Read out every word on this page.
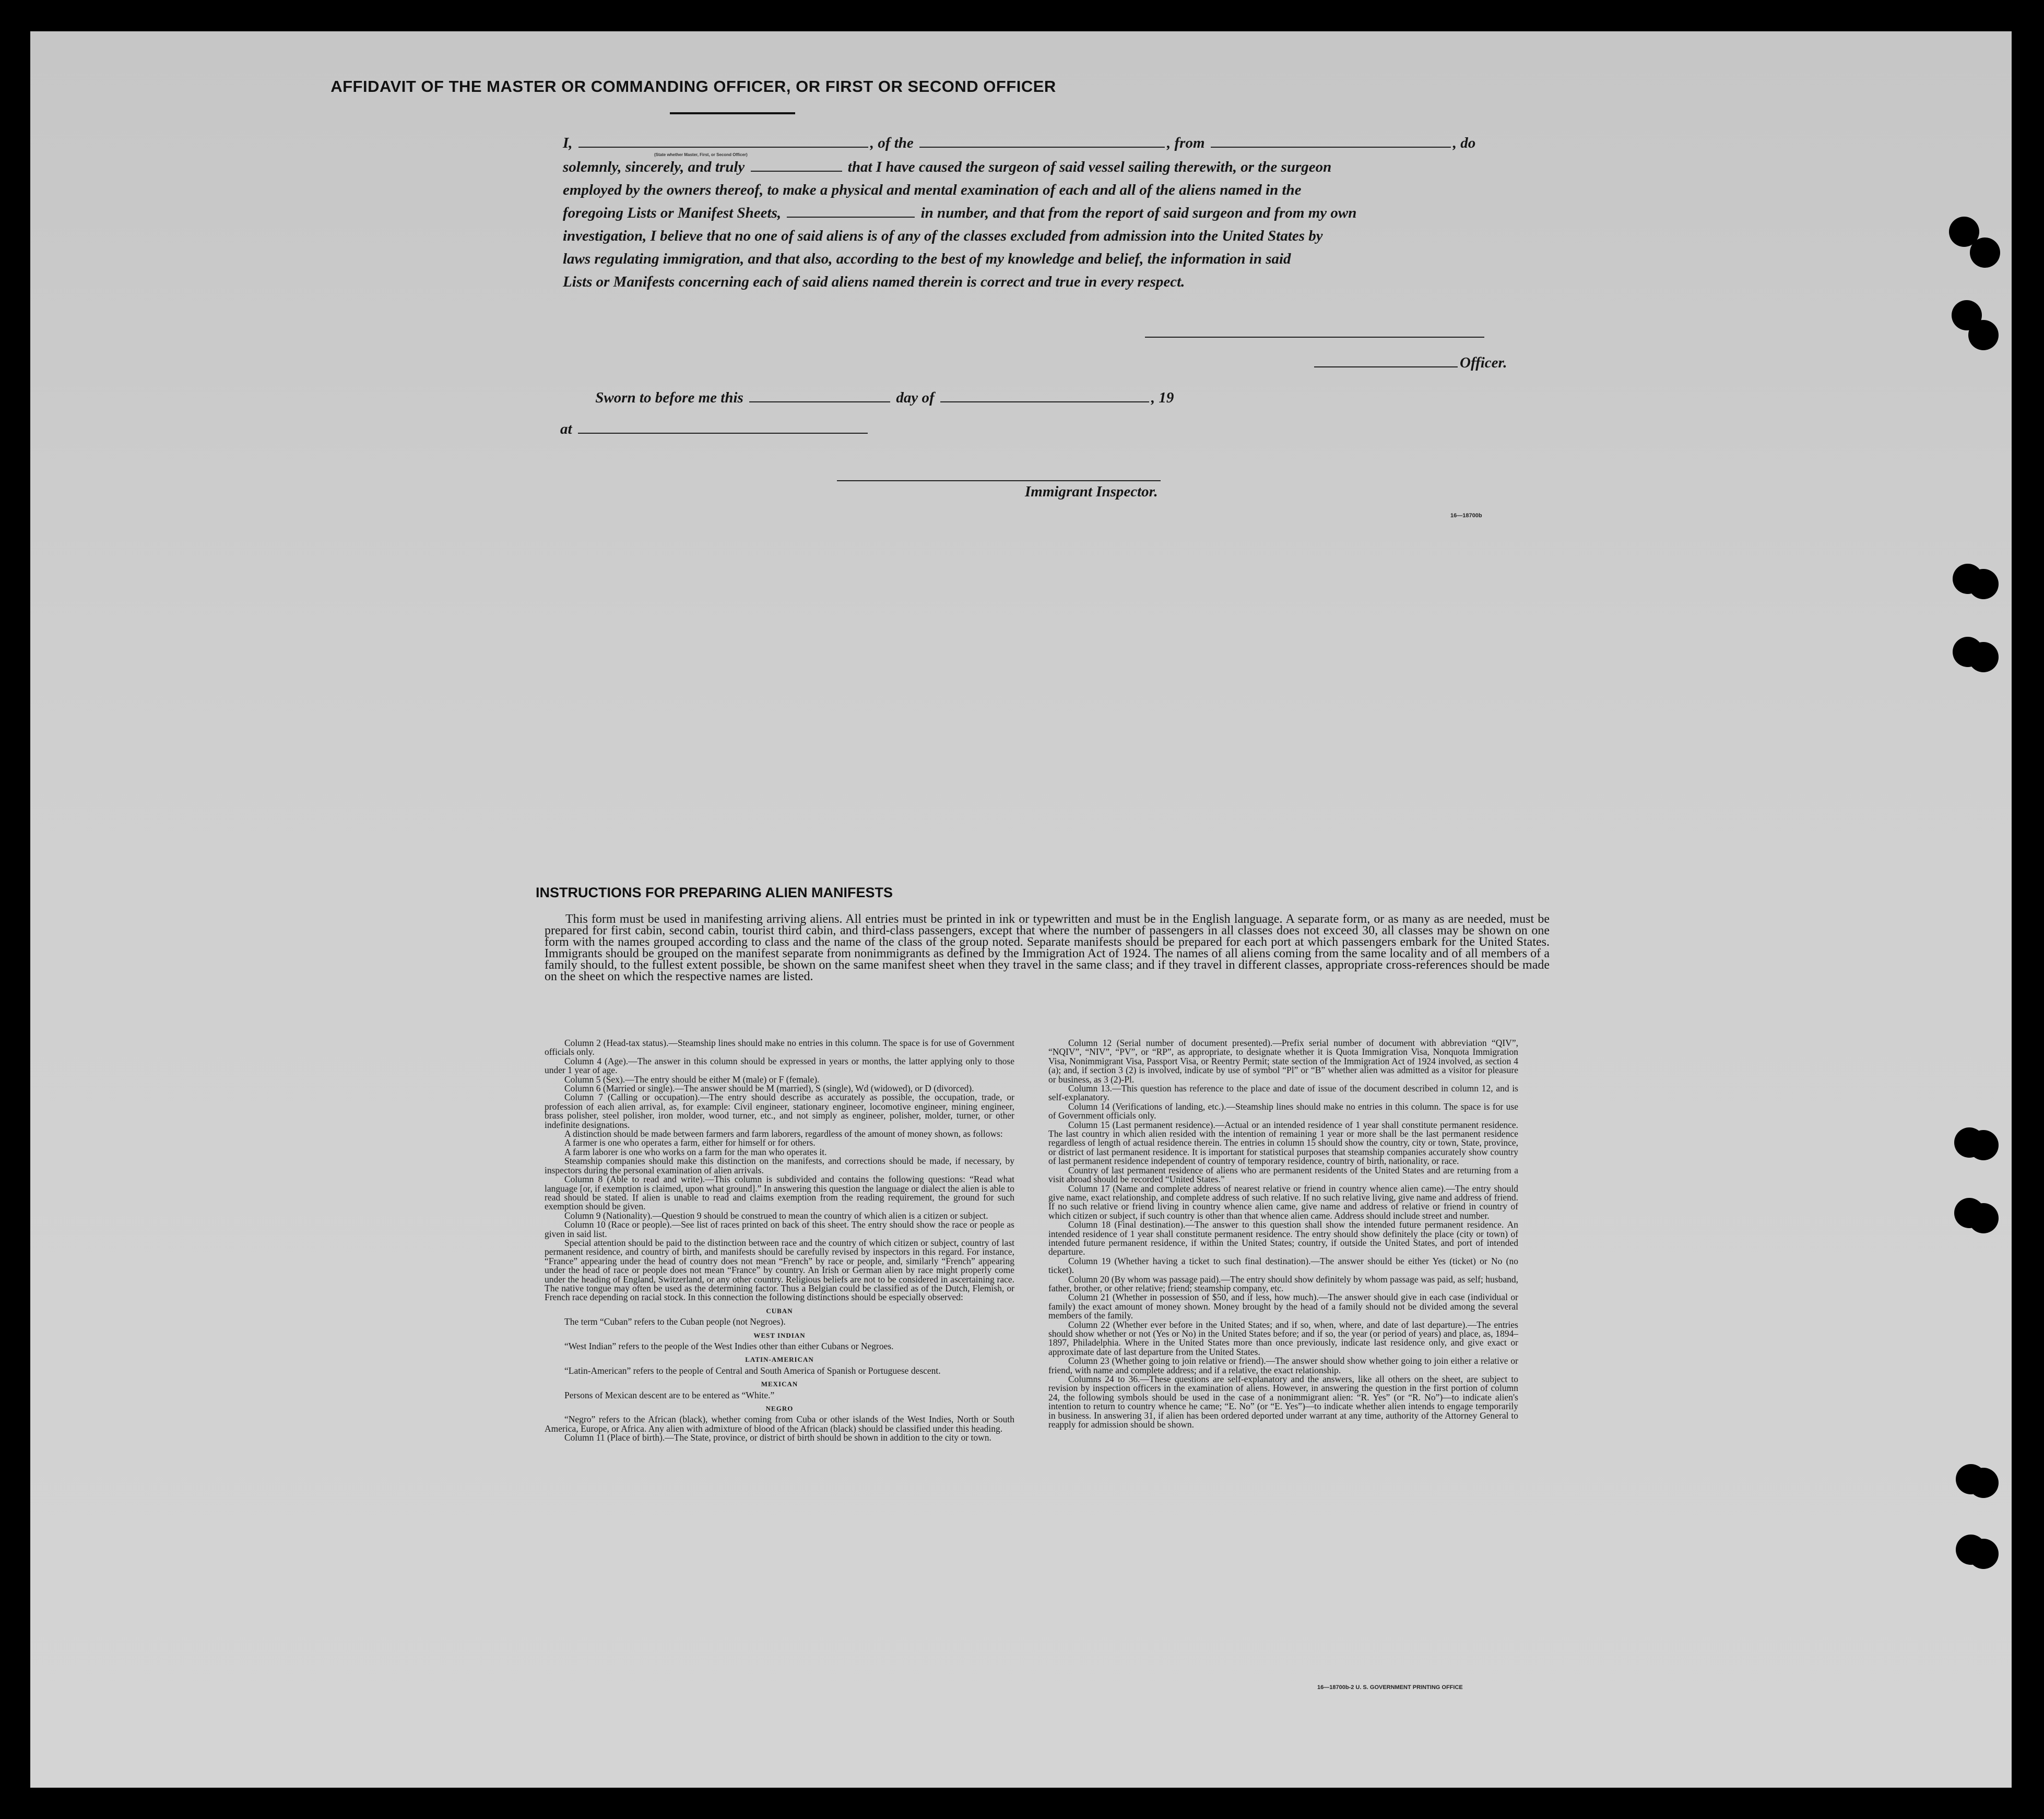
AFFIDAVIT OF THE MASTER OR COMMANDING OFFICER, OR FIRST OR SECOND OFFICER
I,	, of the	, from	, do
(State whether Master, First, or Second Officer)
solemnly, sincerely, and truly	that I have caused the surgeon of said vessel sailing therewith, or the surgeon
employed by the owners thereof, to make a physical and mental examination of each and all of the aliens named in the
foregoing Lists or Manifest Sheets,	in number, and that from the report of said surgeon and from my own
investigation, I believe that no one of said aliens is of any of the classes excluded from admission into the United States by
laws regulating immigration, and that also, according to the best of my knowledge and belief, the information in said
Lists or Manifests concerning each of said aliens named therein is correct and true in every respect.
Officer.
Sworn to before me this	day of	, 19
at
Immigrant Inspector.
16—18700b
INSTRUCTIONS FOR PREPARING ALIEN MANIFESTS
This form must be used in manifesting arriving aliens. All entries must be printed in ink or typewritten and must be in the English language. A separate form, or as many as are needed, must be prepared for first cabin, second cabin, tourist third cabin, and third-class passengers, except that where the number of passengers in all classes does not exceed 30, all classes may be shown on one form with the names grouped according to class and the name of the class of the group noted. Separate manifests should be prepared for each port at which passengers embark for the United States. Immigrants should be grouped on the manifest separate from nonimmigrants as defined by the Immigration Act of 1924. The names of all aliens coming from the same locality and of all members of a family should, to the fullest extent possible, be shown on the same manifest sheet when they travel in the same class; and if they travel in different classes, appropriate cross-references should be made on the sheet on which the respective names are listed.

Column 2 (Head-tax status).—Steamship lines should make no entries in this column. The space is for use of Government officials only.

Column 4 (Age).—The answer in this column should be expressed in years or months, the latter applying only to those under 1 year of age.

Column 5 (Sex).—The entry should be either M (male) or F (female).

Column 6 (Married or single).—The answer should be M (married), S (single), Wd (widowed), or D (divorced).

Column 7 (Calling or occupation).—The entry should describe as accurately as possible, the occupation, trade, or profession of each alien arrival, as, for example: Civil engineer, stationary engineer, locomotive engineer, mining engineer, brass polisher, steel polisher, iron molder, wood turner, etc., and not simply as engineer, polisher, molder, turner, or other indefinite designations.

A distinction should be made between farmers and farm laborers, regardless of the amount of money shown, as follows:

A farmer is one who operates a farm, either for himself or for others.

A farm laborer is one who works on a farm for the man who operates it.

Steamship companies should make this distinction on the manifests, and corrections should be made, if necessary, by inspectors during the personal examination of alien arrivals.

Column 8 (Able to read and write).—This column is subdivided and contains the following questions: “Read what language [or, if exemption is claimed, upon what ground].” In answering this question the language or dialect the alien is able to read should be stated. If alien is unable to read and claims exemption from the reading requirement, the ground for such exemption should be given.

Column 9 (Nationality).—Question 9 should be construed to mean the country of which alien is a citizen or subject.

Column 10 (Race or people).—See list of races printed on back of this sheet. The entry should show the race or people as given in said list.

Special attention should be paid to the distinction between race and the country of which citizen or subject, country of last permanent residence, and country of birth, and manifests should be carefully revised by inspectors in this regard. For instance, “France” appearing under the head of country does not mean “French” by race or people, and, similarly “French” appearing under the head of race or people does not mean “France” by country. An Irish or German alien by race might properly come under the heading of England, Switzerland, or any other country. Religious beliefs are not to be considered in ascertaining race. The native tongue may often be used as the determining factor. Thus a Belgian could be classified as of the Dutch, Flemish, or French race depending on racial stock. In this connection the following distinctions should be especially observed:

CUBAN

The term “Cuban” refers to the Cuban people (not Negroes).

WEST INDIAN

“West Indian” refers to the people of the West Indies other than either Cubans or Negroes.

LATIN-AMERICAN

“Latin-American” refers to the people of Central and South America of Spanish or Portuguese descent.

MEXICAN

Persons of Mexican descent are to be entered as “White.”

NEGRO

“Negro” refers to the African (black), whether coming from Cuba or other islands of the West Indies, North or South America, Europe, or Africa. Any alien with admixture of blood of the African (black) should be classified under this heading.

Column 11 (Place of birth).—The State, province, or district of birth should be shown in addition to the city or town.

Column 12 (Serial number of document presented).—Prefix serial number of document with abbreviation “QIV”, “NQIV”, “NIV”, “PV”, or “RP”, as appropriate, to designate whether it is Quota Immigration Visa, Nonquota Immigration Visa, Nonimmigrant Visa, Passport Visa, or Reentry Permit; state section of the Immigration Act of 1924 involved, as section 4 (a); and, if section 3 (2) is involved, indicate by use of symbol “Pl” or “B” whether alien was admitted as a visitor for pleasure or business, as 3 (2)-Pl.

Column 13.—This question has reference to the place and date of issue of the document described in column 12, and is self-explanatory.

Column 14 (Verifications of landing, etc.).—Steamship lines should make no entries in this column. The space is for use of Government officials only.

Column 15 (Last permanent residence).—Actual or an intended residence of 1 year shall constitute permanent residence. The last country in which alien resided with the intention of remaining 1 year or more shall be the last permanent residence regardless of length of actual residence therein. The entries in column 15 should show the country, city or town, State, province, or district of last permanent residence. It is important for statistical purposes that steamship companies accurately show country of last permanent residence independent of country of temporary residence, country of birth, nationality, or race.

Country of last permanent residence of aliens who are permanent residents of the United States and are returning from a visit abroad should be recorded “United States.”

Column 17 (Name and complete address of nearest relative or friend in country whence alien came).—The entry should give name, exact relationship, and complete address of such relative. If no such relative living, give name and address of friend. If no such relative or friend living in country whence alien came, give name and address of relative or friend in country of which citizen or subject, if such country is other than that whence alien came. Address should include street and number.

Column 18 (Final destination).—The answer to this question shall show the intended future permanent residence. An intended residence of 1 year shall constitute permanent residence. The entry should show definitely the place (city or town) of intended future permanent residence, if within the United States; country, if outside the United States, and port of intended departure.

Column 19 (Whether having a ticket to such final destination).—The answer should be either Yes (ticket) or No (no ticket).

Column 20 (By whom was passage paid).—The entry should show definitely by whom passage was paid, as self; husband, father, brother, or other relative; friend; steamship company, etc.

Column 21 (Whether in possession of $50, and if less, how much).—The answer should give in each case (individual or family) the exact amount of money shown. Money brought by the head of a family should not be divided among the several members of the family.

Column 22 (Whether ever before in the United States; and if so, when, where, and date of last departure).—The entries should show whether or not (Yes or No) in the United States before; and if so, the year (or period of years) and place, as, 1894–1897, Philadelphia. Where in the United States more than once previously, indicate last residence only, and give exact or approximate date of last departure from the United States.

Column 23 (Whether going to join relative or friend).—The answer should show whether going to join either a relative or friend, with name and complete address; and if a relative, the exact relationship.

Columns 24 to 36.—These questions are self-explanatory and the answers, like all others on the sheet, are subject to revision by inspection officers in the examination of aliens. However, in answering the question in the first portion of column 24, the following symbols should be used in the case of a nonimmigrant alien: “R. Yes” (or “R. No”)—to indicate alien's intention to return to country whence he came; “E. No” (or “E. Yes”)—to indicate whether alien intends to engage temporarily in business. In answering 31, if alien has been ordered deported under warrant at any time, authority of the Attorney General to reapply for admission should be shown.

16—18700b-2 U. S. GOVERNMENT PRINTING OFFICE
